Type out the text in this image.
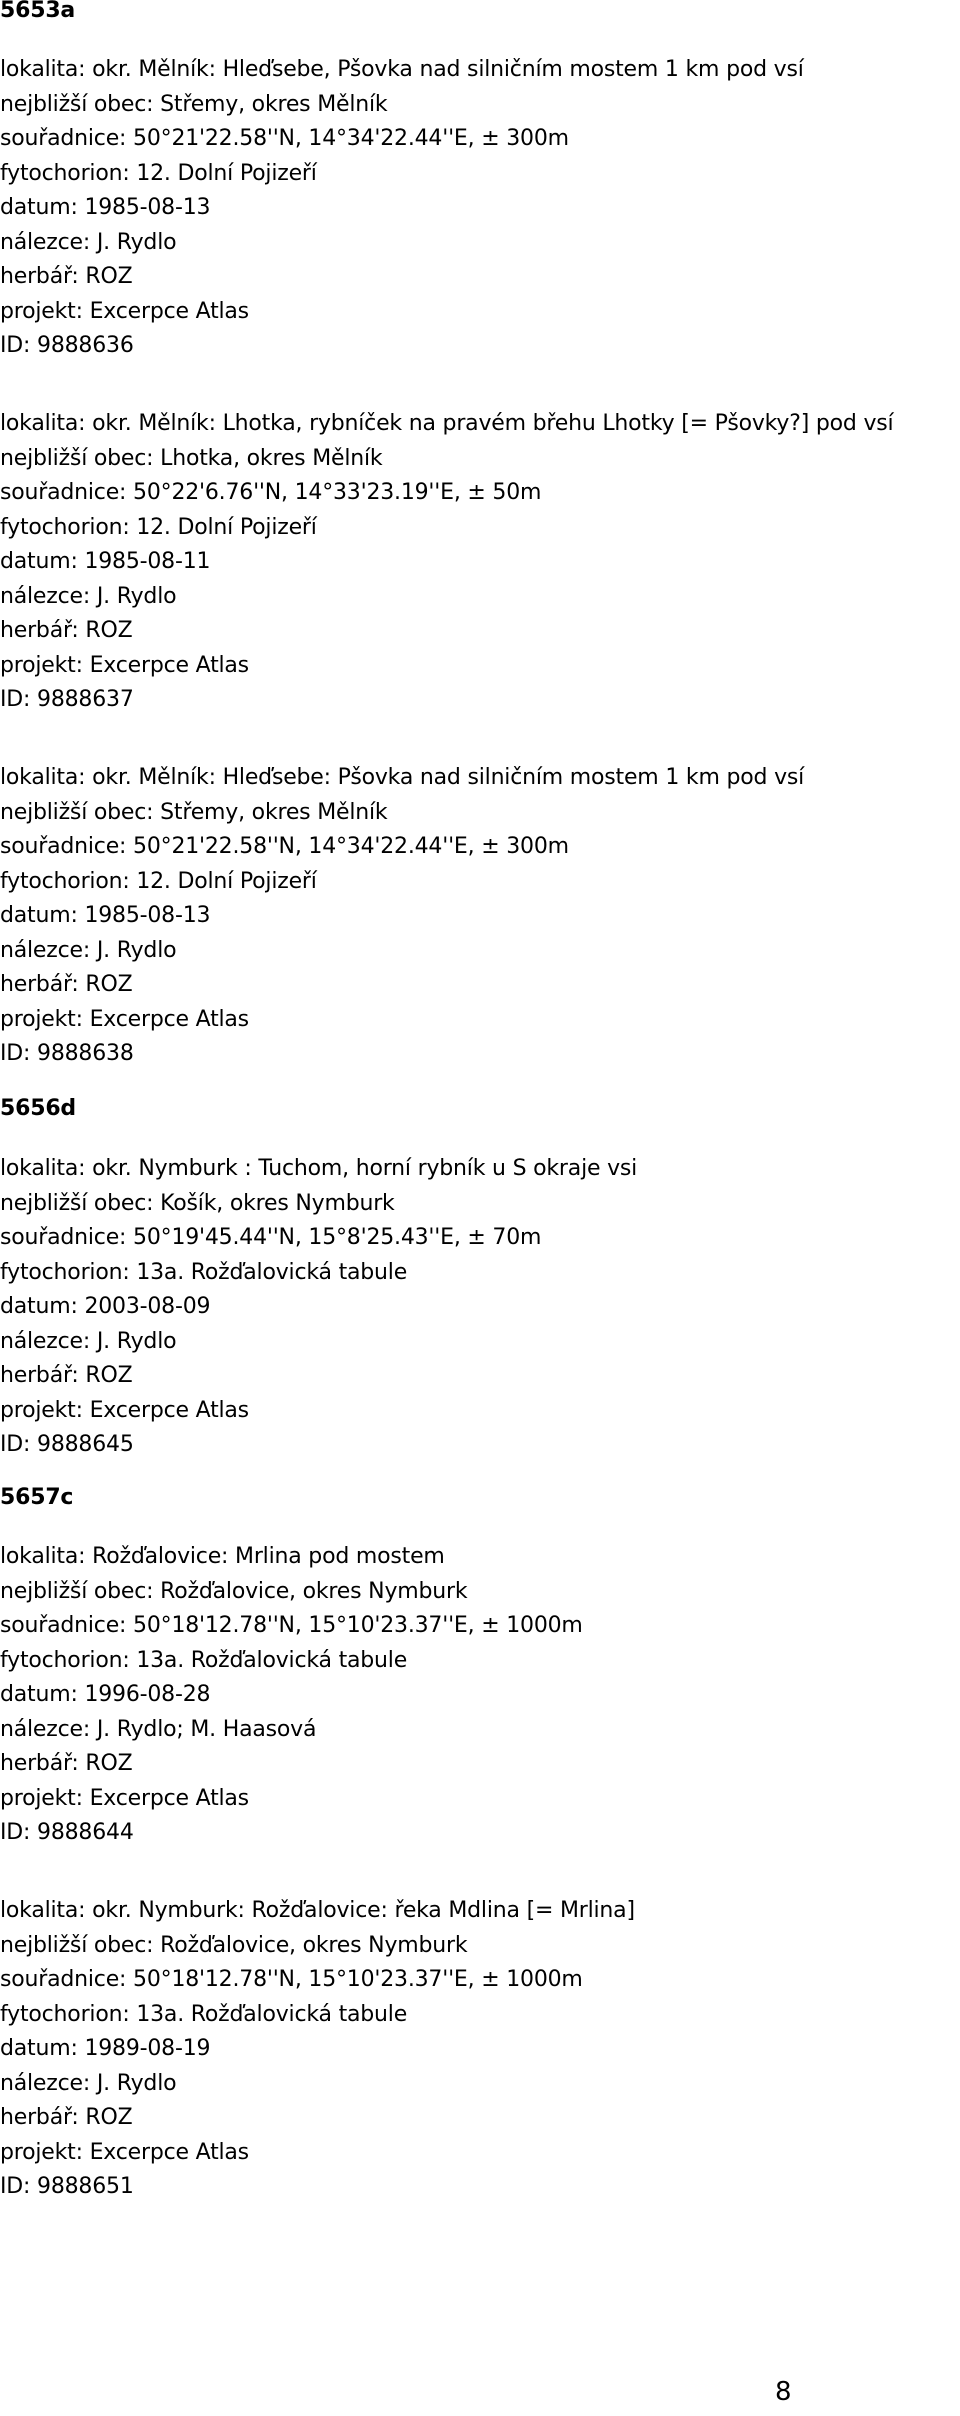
5653a
lokalita: okr. Mělník: Hleďsebe, Pšovka nad silničním mostem 1 km pod vsí
nejbližší obec: Střemy, okres Mělník
souřadnice: 50°21'22.58''N, 14°34'22.44''E, ± 300m
fytochorion: 12. Dolní Pojizeří
datum: 1985-08-13
nálezce: J. Rydlo
herbář: ROZ
projekt: Excerpce Atlas
ID: 9888636
lokalita: okr. Mělník: Lhotka, rybníček na pravém břehu Lhotky [= Pšovky?] pod vsí
nejbližší obec: Lhotka, okres Mělník
souřadnice: 50°22'6.76''N, 14°33'23.19''E, ± 50m
fytochorion: 12. Dolní Pojizeří
datum: 1985-08-11
nálezce: J. Rydlo
herbář: ROZ
projekt: Excerpce Atlas
ID: 9888637
lokalita: okr. Mělník: Hleďsebe: Pšovka nad silničním mostem 1 km pod vsí
nejbližší obec: Střemy, okres Mělník
souřadnice: 50°21'22.58''N, 14°34'22.44''E, ± 300m
fytochorion: 12. Dolní Pojizeří
datum: 1985-08-13
nálezce: J. Rydlo
herbář: ROZ
projekt: Excerpce Atlas
ID: 9888638
5656d
lokalita: okr. Nymburk : Tuchom, horní rybník u S okraje vsi
nejbližší obec: Košík, okres Nymburk
souřadnice: 50°19'45.44''N, 15°8'25.43''E, ± 70m
fytochorion: 13a. Rožďalovická tabule
datum: 2003-08-09
nálezce: J. Rydlo
herbář: ROZ
projekt: Excerpce Atlas
ID: 9888645
5657c
lokalita: Rožďalovice: Mrlina pod mostem
nejbližší obec: Rožďalovice, okres Nymburk
souřadnice: 50°18'12.78''N, 15°10'23.37''E, ± 1000m
fytochorion: 13a. Rožďalovická tabule
datum: 1996-08-28
nálezce: J. Rydlo; M. Haasová
herbář: ROZ
projekt: Excerpce Atlas
ID: 9888644
lokalita: okr. Nymburk: Rožďalovice: řeka Mdlina [= Mrlina]
nejbližší obec: Rožďalovice, okres Nymburk
souřadnice: 50°18'12.78''N, 15°10'23.37''E, ± 1000m
fytochorion: 13a. Rožďalovická tabule
datum: 1989-08-19
nálezce: J. Rydlo
herbář: ROZ
projekt: Excerpce Atlas
ID: 9888651
8
